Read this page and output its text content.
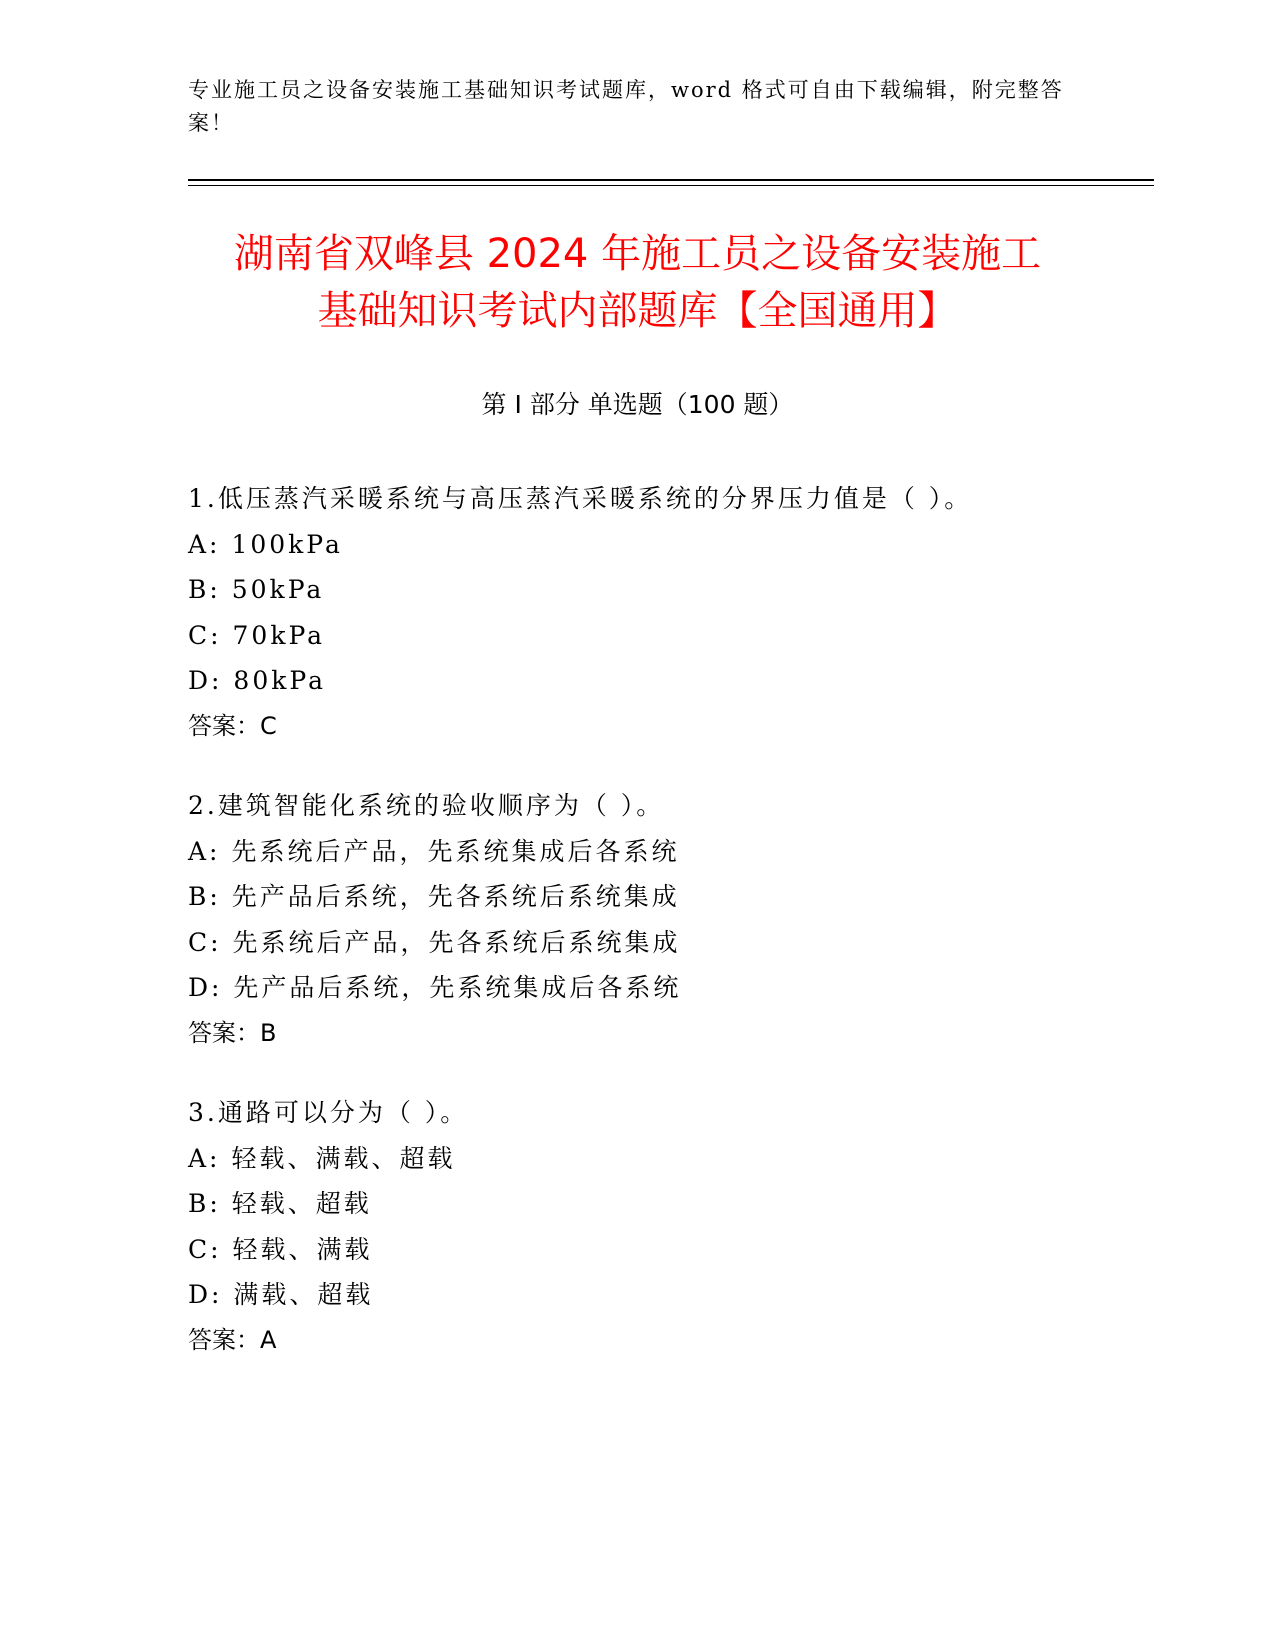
专业施工员之设备安装施工基础知识考试题库，word 格式可自由下载编辑，附完整答案！
湖南省双峰县 2024 年施工员之设备安装施工
基础知识考试内部题库【全国通用】
第 I 部分 单选题（100 题）
1.低压蒸汽采暖系统与高压蒸汽采暖系统的分界压力值是（ ）。
A: 100kPa
B: 50kPa
C: 70kPa
D: 80kPa
答案：C
2.建筑智能化系统的验收顺序为（ ）。
A: 先系统后产品，先系统集成后各系统
B: 先产品后系统，先各系统后系统集成
C: 先系统后产品，先各系统后系统集成
D: 先产品后系统，先系统集成后各系统
答案：B
3.通路可以分为（ ）。
A: 轻载、满载、超载
B: 轻载、超载
C: 轻载、满载
D: 满载、超载
答案：A
